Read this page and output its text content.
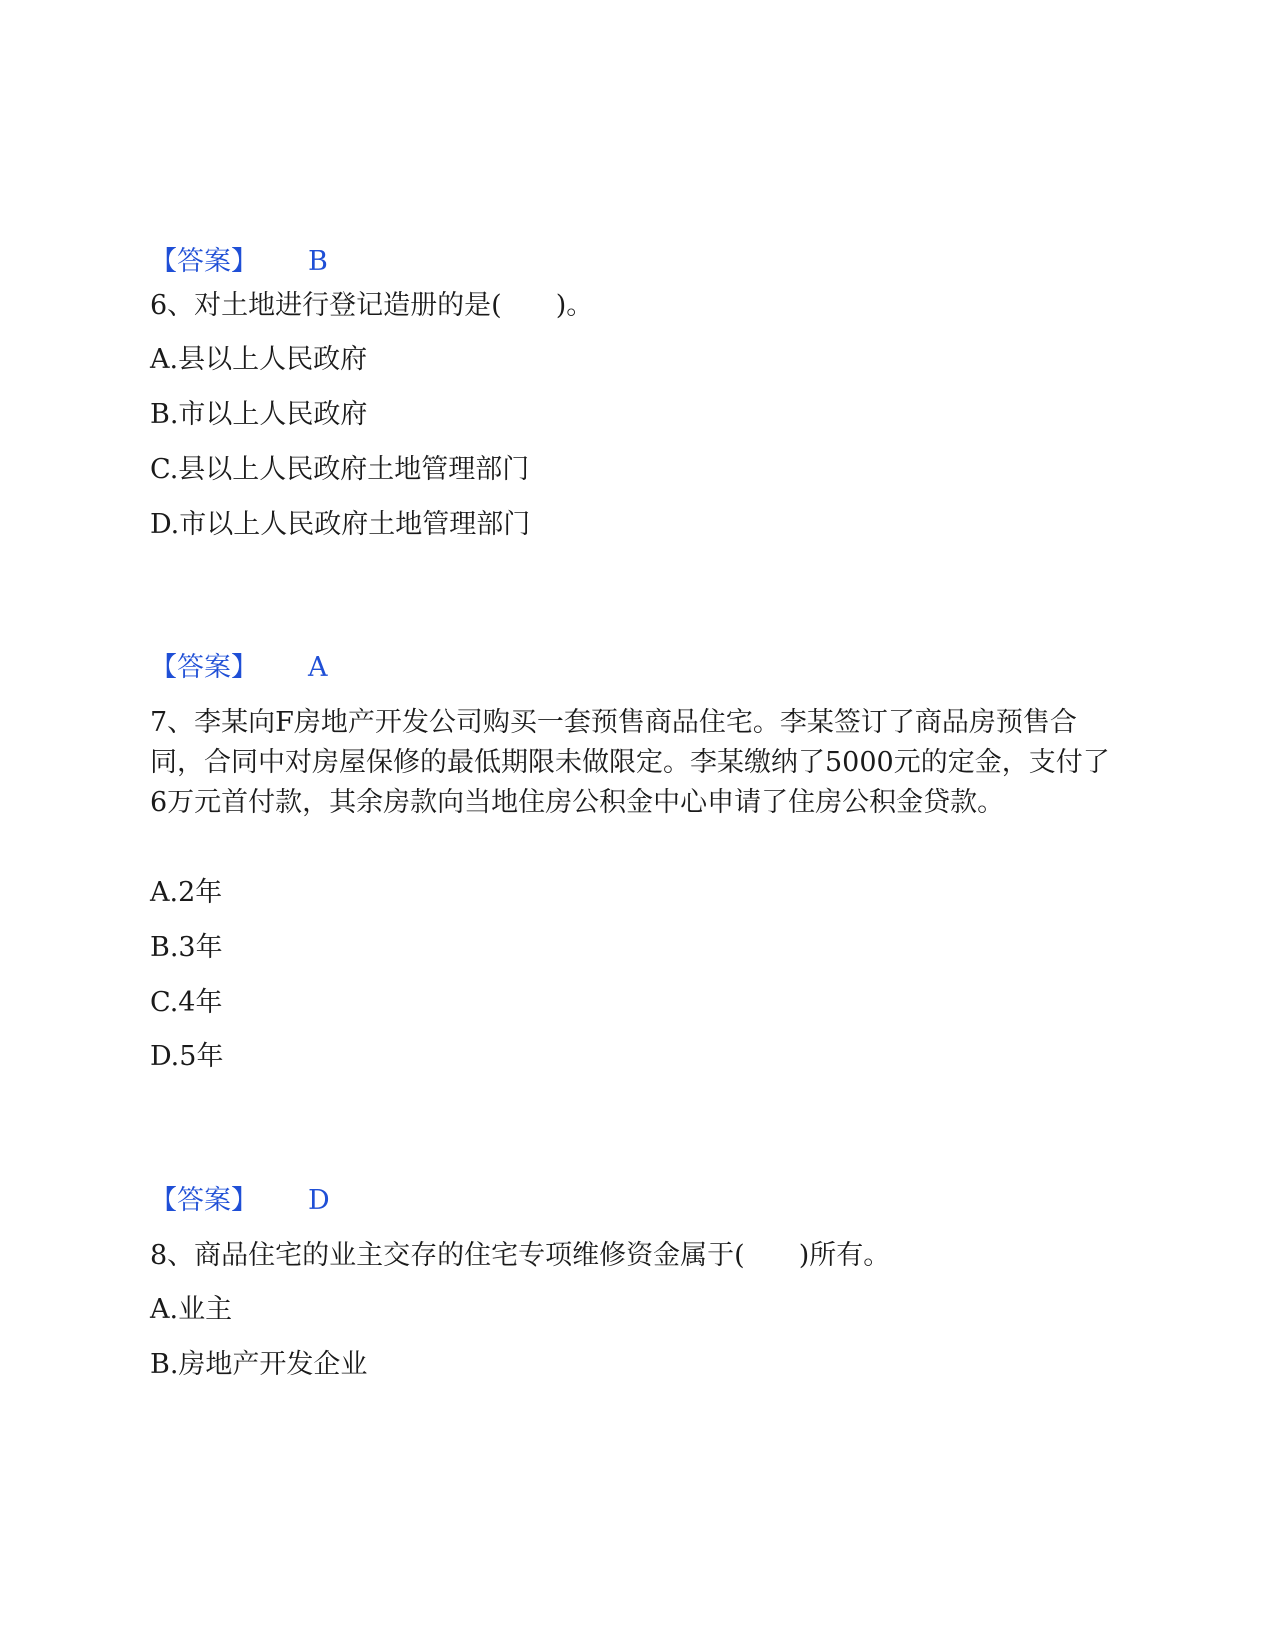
【答案】 B
6、对土地进行登记造册的是(　　)。
A.县以上人民政府
B.市以上人民政府
C.县以上人民政府土地管理部门
D.市以上人民政府土地管理部门
【答案】 A
7、李某向F房地产开发公司购买一套预售商品住宅。李某签订了商品房预售合同，合同中对房屋保修的最低期限未做限定。李某缴纳了5000元的定金，支付了6万元首付款，其余房款向当地住房公积金中心申请了住房公积金贷款。
A.2年
B.3年
C.4年
D.5年
【答案】 D
8、商品住宅的业主交存的住宅专项维修资金属于(　　)所有。
A.业主
B.房地产开发企业
